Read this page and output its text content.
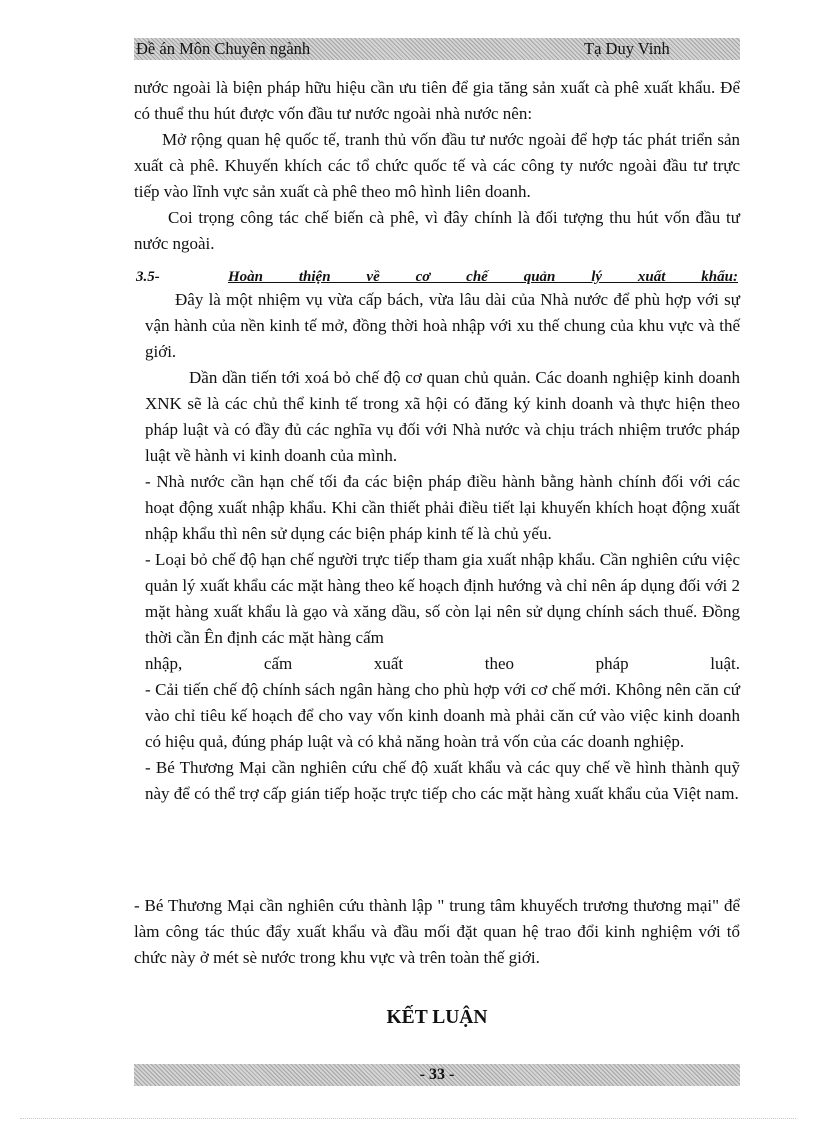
Đề án Môn Chuyên ngành	Tạ Duy Vinh

nước ngoài là biện pháp hữu hiệu cần ưu tiên để gia tăng sản xuất cà phê xuất khẩu. Để có thuể thu hút được vốn đầu tư nước ngoài nhà nước nên:

Mở rộng quan hệ quốc tế, tranh thủ vốn đầu tư nước ngoài để hợp tác phát triển sản xuất cà phê. Khuyến khích các tổ chức quốc tế và các công ty nước ngoài đầu tư trực tiếp vào lĩnh vực sản xuất cà phê theo mô hình liên doanh.

Coi trọng công tác chế biến cà phê, vì đây chính là đối tượng thu hút vốn đầu tư nước ngoài.

3.5-	Hoàn thiện về cơ chế quản lý xuất khẩu:

Đây là một nhiệm vụ vừa cấp bách, vừa lâu dài của Nhà nước để phù hợp với sự vận hành của nền kinh tế mở, đồng thời hoà nhập với xu thế chung của khu vực và thế giới.

Dần dần tiến tới xoá bỏ chế độ cơ quan chủ quản. Các doanh nghiệp kinh doanh XNK sẽ là các chủ thể kinh tế trong xã hội có đăng ký kinh doanh và thực hiện theo pháp luật và có đầy đủ các nghĩa vụ đối với Nhà nước và chịu trách nhiệm trước pháp luật về hành vi kinh doanh của mình.

- Nhà nước cần hạn chế tối đa các biện pháp điều hành bằng hành chính đối với các hoạt động xuất nhập khẩu. Khi cần thiết phải điều tiết lại khuyến khích hoạt động xuất nhập khẩu thì nên sử dụng các biện pháp kinh tế là chủ yếu.

- Loại bỏ chế độ hạn chế người trực tiếp tham gia xuất nhập khẩu. Cần nghiên cứu việc quản lý xuất khẩu các mặt hàng theo kế hoạch định hướng và chỉ nên áp dụng đối với 2 mặt hàng xuất khẩu là gạo và xăng dầu, số còn lại nên sử dụng chính sách thuế. Đồng thời cần Ên định các mặt hàng cấm

nhập, cấm xuất theo pháp luật.

- Cải tiến chế độ chính sách ngân hàng cho phù hợp với cơ chế mới. Không nên căn cứ vào chỉ tiêu kế hoạch để cho vay vốn kinh doanh mà phải căn cứ vào việc kinh doanh có hiệu quả, đúng pháp luật và có khả năng hoàn trả vốn của các doanh nghiệp.

- Bé Thương Mại cần nghiên cứu chế độ xuất khẩu và các quy chế về hình thành quỹ này để có thể trợ cấp gián tiếp hoặc trực tiếp cho các mặt hàng xuất khẩu của Việt nam.

- Bé Thương Mại cần nghiên cứu thành lập " trung tâm khuyếch trương thương mại" để làm công tác thúc đẩy xuất khẩu và đầu mối đặt quan hệ trao đổi kinh nghiệm với tổ chức này ở mét sè nước trong khu vực và trên toàn thế giới.

KẾT LUẬN
- 33 -
